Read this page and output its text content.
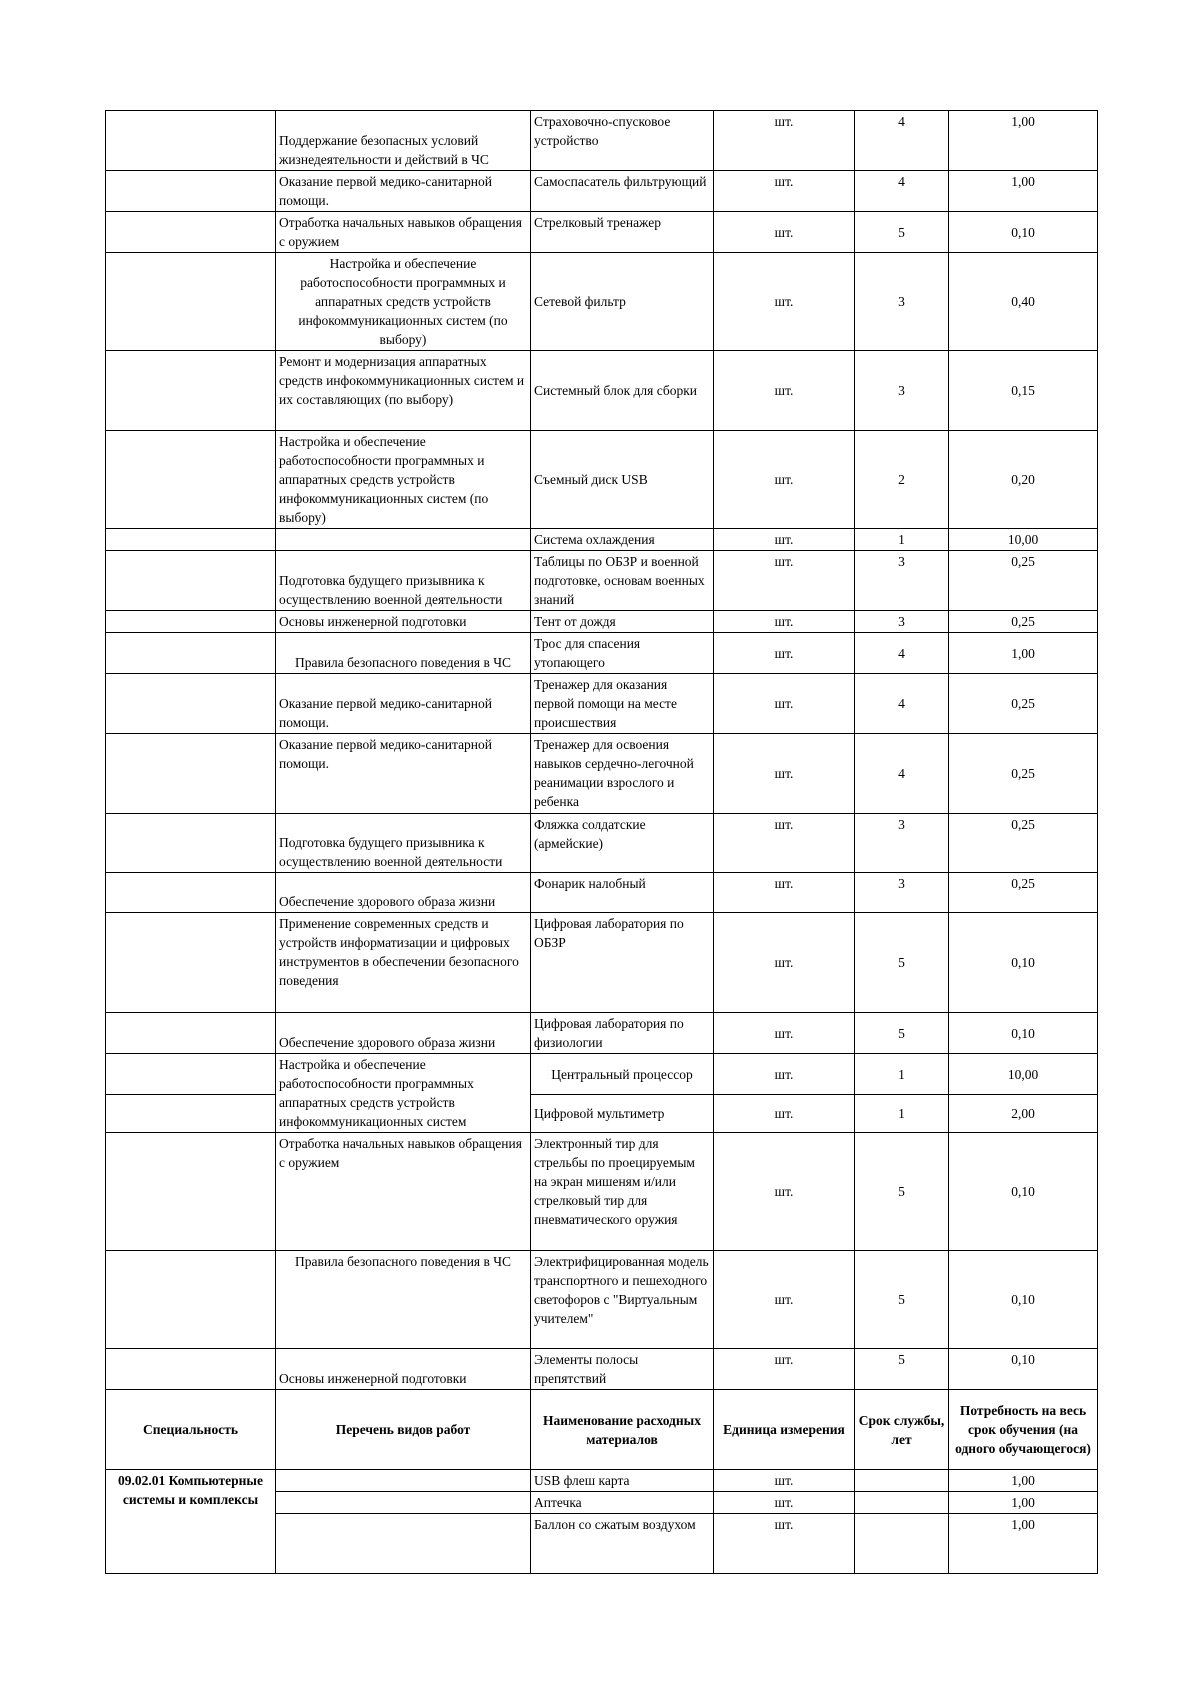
	Поддержание безопасных условий жизнедеятельности и действий в ЧС	Страховочно-спусковое устройство	шт.	4	1,00
	Оказание первой медико-санитарной помощи.	Самоспасатель фильтрующий	шт.	4	1,00
	Отработка начальных навыков обращения с оружием	Стрелковый тренажер	шт.	5	0,10
	Настройка и обеспечение работоспособности программных и аппаратных средств устройств инфокоммуникационных систем (по выбору)	Сетевой фильтр	шт.	3	0,40
	Ремонт и модернизация аппаратных средств инфокоммуникационных систем и их составляющих (по выбору)	Системный блок для сборки	шт.	3	0,15
	Настройка и обеспечение работоспособности программных и аппаратных средств устройств инфокоммуникационных систем (по выбору)	Съемный диск USB	шт.	2	0,20
		Система охлаждения	шт.	1	10,00
	Подготовка будущего призывника к осуществлению военной деятельности	Таблицы по ОБЗР и военной подготовке, основам военных знаний	шт.	3	0,25
	Основы инженерной подготовки	Тент от дождя	шт.	3	0,25
	Правила безопасного поведения в ЧС	Трос для спасения утопающего	шт.	4	1,00
	Оказание первой медико-санитарной помощи.	Тренажер для оказания первой помощи на месте происшествия	шт.	4	0,25
	Оказание первой медико-санитарной помощи.	Тренажер для освоения навыков сердечно-легочной реанимации взрослого и ребенка	шт.	4	0,25
	Подготовка будущего призывника к осуществлению военной деятельности	Фляжка солдатские (армейские)	шт.	3	0,25
	Обеспечение здорового образа жизни	Фонарик налобный	шт.	3	0,25
	Применение современных средств и устройств информатизации и цифровых инструментов в обеспечении безопасного поведения	Цифровая лаборатория по ОБЗР	шт.	5	0,10
	Обеспечение здорового образа жизни	Цифровая лаборатория по физиологии	шт.	5	0,10
	Настройка и обеспечение работоспособности программных аппаратных средств устройств инфокоммуникационных систем	Центральный процессор	шт.	1	10,00
		Цифровой мультиметр	шт.	1	2,00
	Отработка начальных навыков обращения с оружием	Электронный тир для стрельбы по проецируемым на экран мишеням и/или стрелковый тир для пневматического оружия	шт.	5	0,10
	Правила безопасного поведения в ЧС	Электрифицированная модель транспортного и пешеходного светофоров с "Виртуальным учителем"	шт.	5	0,10
	Основы инженерной подготовки	Элементы полосы препятствий	шт.	5	0,10
Специальность	Перечень видов работ	Наименование расходных материалов	Единица измерения	Срок службы, лет	Потребность на весь срок обучения (на одного обучающегося)
09.02.01 Компьютерные системы и комплексы		USB флеш карта	шт.		1,00
		Аптечка	шт.		1,00
		Баллон со сжатым воздухом	шт.		1,00
